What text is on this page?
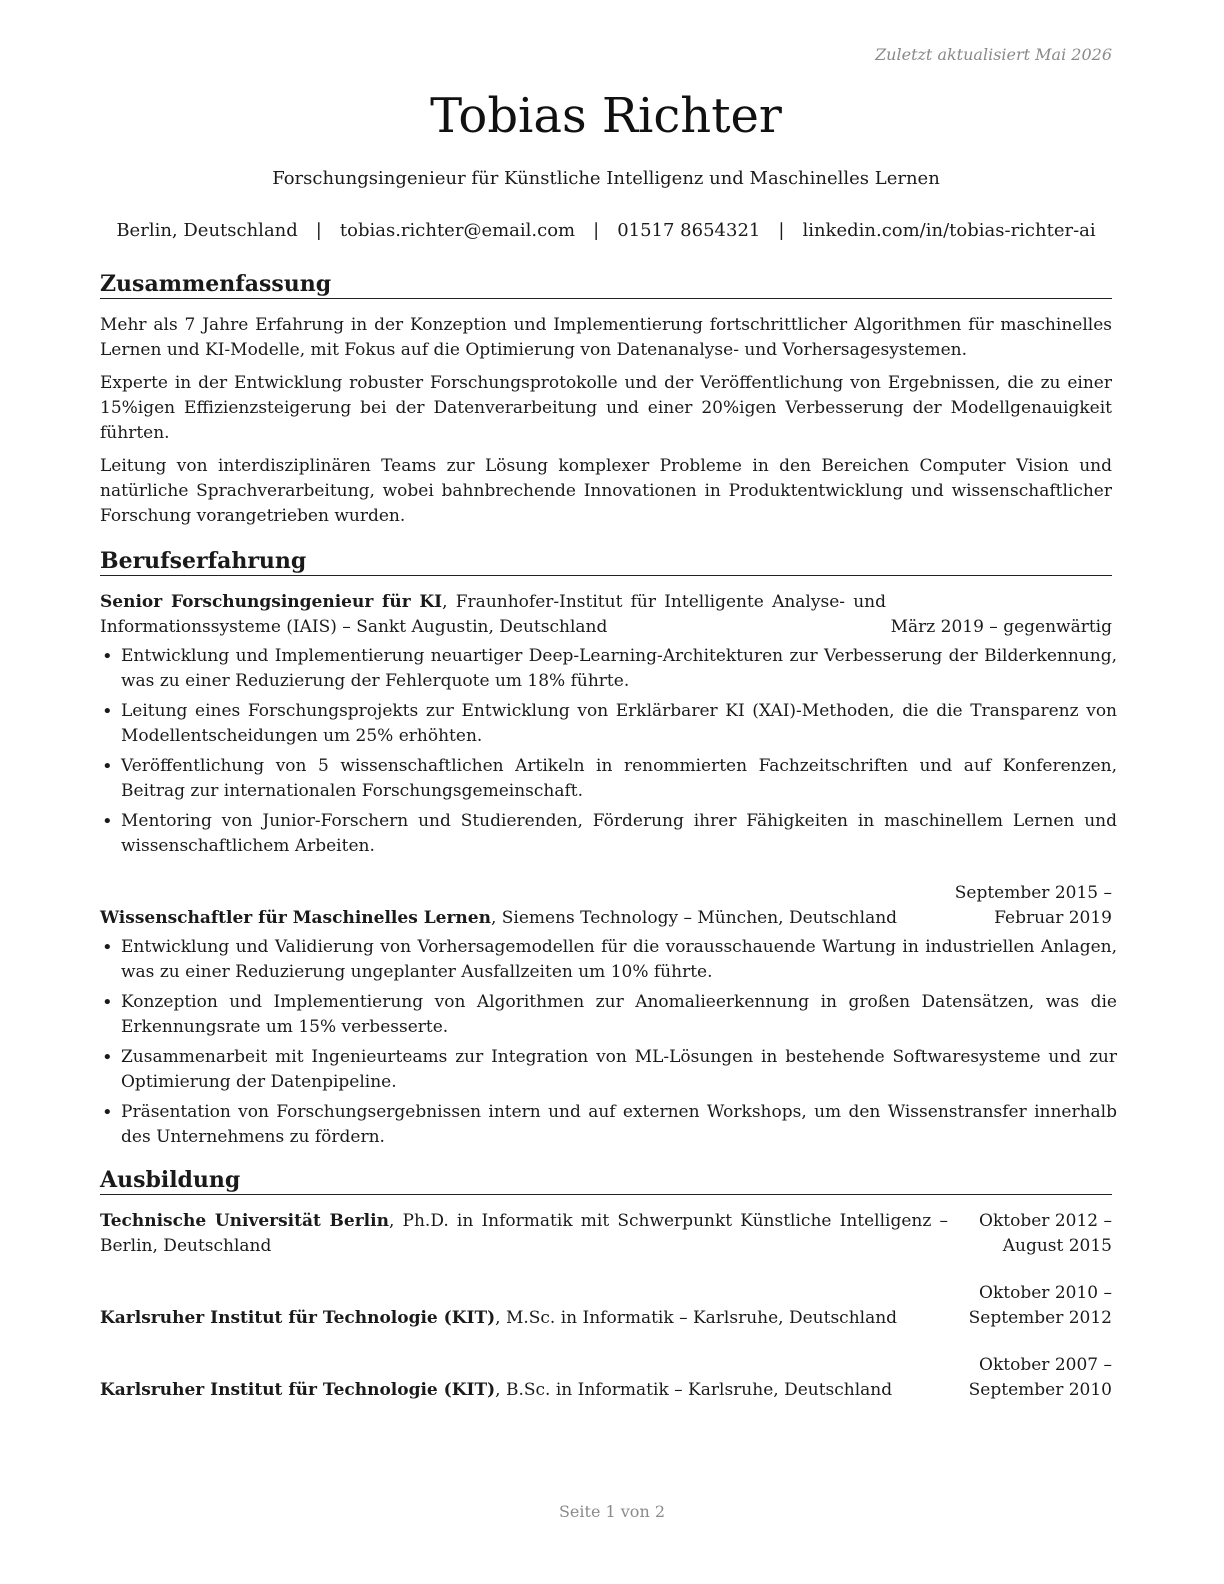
Zuletzt aktualisiert Mai 2026
Tobias Richter
Forschungsingenieur für Künstliche Intelligenz und Maschinelles Lernen
Berlin, Deutschland | tobias.richter@email.com | 01517 8654321 | linkedin.com/in/tobias-richter-ai
Zusammenfassung

Mehr als 7 Jahre Erfahrung in der Konzeption und Implementierung fortschrittlicher Algorithmen für maschinelles Lernen und KI-Modelle, mit Fokus auf die Optimierung von Datenanalyse- und Vorhersagesystemen.

Experte in der Entwicklung robuster Forschungsprotokolle und der Veröffentlichung von Ergebnissen, die zu einer 15%igen Effizienzsteigerung bei der Datenverarbeitung und einer 20%igen Verbesserung der Modellgenauigkeit führten.

Leitung von interdisziplinären Teams zur Lösung komplexer Probleme in den Bereichen Computer Vision und natürliche Sprachverarbeitung, wobei bahnbrechende Innovationen in Produktentwicklung und wissenschaftlicher Forschung vorangetrieben wurden.

Berufserfahrung
Senior Forschungsingenieur für KI, Fraunhofer-Institut für Intelligente Analyse- und Informationssysteme (IAIS) – Sankt Augustin, Deutschland	März 2019 – gegenwärtig
• Entwicklung und Implementierung neuartiger Deep-Learning-Architekturen zur Verbesserung der Bilderkennung, was zu einer Reduzierung der Fehlerquote um 18% führte.
• Leitung eines Forschungsprojekts zur Entwicklung von Erklärbarer KI (XAI)-Methoden, die die Transparenz von Modellentscheidungen um 25% erhöhten.
• Veröffentlichung von 5 wissenschaftlichen Artikeln in renommierten Fachzeitschriften und auf Konferenzen, Beitrag zur internationalen Forschungsgemeinschaft.
• Mentoring von Junior-Forschern und Studierenden, Förderung ihrer Fähigkeiten in maschinellem Lernen und wissenschaftlichem Arbeiten.
Wissenschaftler für Maschinelles Lernen, Siemens Technology – München, Deutschland
September 2015 – Februar 2019
• Entwicklung und Validierung von Vorhersagemodellen für die vorausschauende Wartung in industriellen Anlagen, was zu einer Reduzierung ungeplanter Ausfallzeiten um 10% führte.
• Konzeption und Implementierung von Algorithmen zur Anomalieerkennung in großen Datensätzen, was die Erkennungsrate um 15% verbesserte.
• Zusammenarbeit mit Ingenieurteams zur Integration von ML-Lösungen in bestehende Softwaresysteme und zur Optimierung der Datenpipeline.
• Präsentation von Forschungsergebnissen intern und auf externen Workshops, um den Wissenstransfer innerhalb des Unternehmens zu fördern.
Ausbildung
Technische Universität Berlin, Ph.D. in Informatik mit Schwerpunkt Künstliche Intelligenz – Berlin, Deutschland
Oktober 2012 – August 2015
Karlsruher Institut für Technologie (KIT), M.Sc. in Informatik – Karlsruhe, Deutschland
Oktober 2010 – September 2012
Karlsruher Institut für Technologie (KIT), B.Sc. in Informatik – Karlsruhe, Deutschland
Oktober 2007 – September 2010
Seite 1 von 2
